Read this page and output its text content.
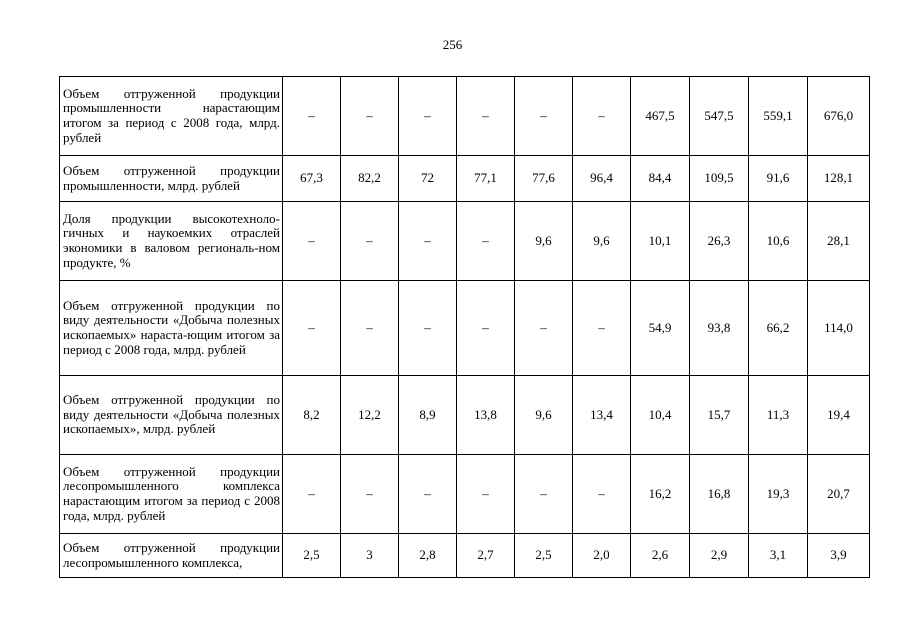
256
Объем отгруженной продукции промышленности нарастающим итогом за период с 2008 года, млрд. рублей	–	–	–	–	–	–	467,5	547,5	559,1	676,0
Объем отгруженной продукции промышленности, млрд. рублей	67,3	82,2	72	77,1	77,6	96,4	84,4	109,5	91,6	128,1
Доля продукции высокотехноло-гичных и наукоемких отраслей экономики в валовом региональ-ном продукте, %	–	–	–	–	9,6	9,6	10,1	26,3	10,6	28,1
Объем отгруженной продукции по виду деятельности «Добыча полезных ископаемых» нараста-ющим итогом за период с 2008 года, млрд. рублей	–	–	–	–	–	–	54,9	93,8	66,2	114,0
Объем отгруженной продукции по виду деятельности «Добыча полезных ископаемых», млрд. рублей	8,2	12,2	8,9	13,8	9,6	13,4	10,4	15,7	11,3	19,4
Объем отгруженной продукции лесопромышленного комплекса нарастающим итогом за период с 2008 года, млрд. рублей	–	–	–	–	–	–	16,2	16,8	19,3	20,7
Объем отгруженной продукции лесопромышленного комплекса,	2,5	3	2,8	2,7	2,5	2,0	2,6	2,9	3,1	3,9
